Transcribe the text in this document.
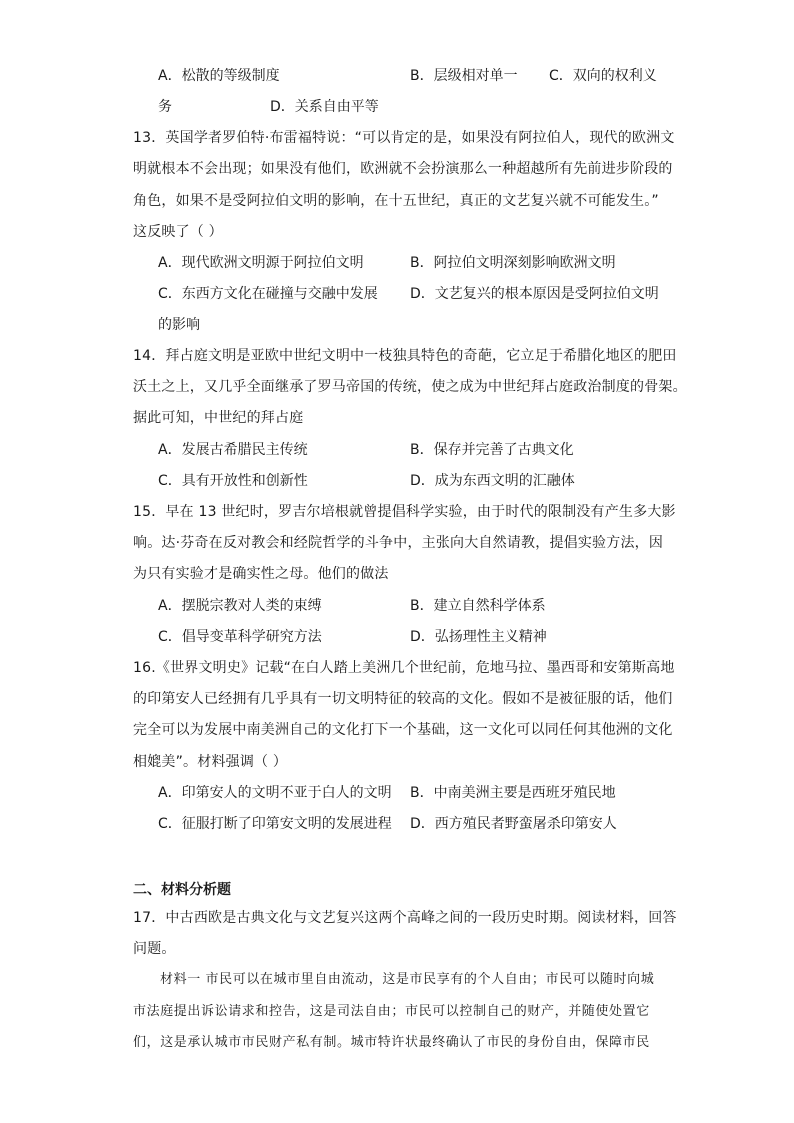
A．松散的等级制度	B．层级相对单一 C．双向的权利义
务	D．关系自由平等
13．英国学者罗伯特·布雷福特说：“可以肯定的是，如果没有阿拉伯人，现代的欧洲文
明就根本不会出现；如果没有他们，欧洲就不会扮演那么一种超越所有先前进步阶段的
角色，如果不是受阿拉伯文明的影响，在十五世纪，真正的文艺复兴就不可能发生。”
这反映了（ ）
A．现代欧洲文明源于阿拉伯文明	B．阿拉伯文明深刻影响欧洲文明
C．东西方文化在碰撞与交融中发展 D．文艺复兴的根本原因是受阿拉伯文明
的影响
14．拜占庭文明是亚欧中世纪文明中一枝独具特色的奇葩，它立足于希腊化地区的肥田
沃土之上，又几乎全面继承了罗马帝国的传统，使之成为中世纪拜占庭政治制度的骨架。
据此可知，中世纪的拜占庭
A．发展古希腊民主传统	B．保存并完善了古典文化
C．具有开放性和创新性	D．成为东西文明的汇融体
15．早在 13 世纪时，罗吉尔培根就曾提倡科学实验，由于时代的限制没有产生多大影
响。达·芬奇在反对教会和经院哲学的斗争中，主张向大自然请教，提倡实验方法，因
为只有实验才是确实性之母。他们的做法
A．摆脱宗教对人类的束缚	B．建立自然科学体系
C．倡导变革科学研究方法	D．弘扬理性主义精神
16.《世界文明史》记载“在白人踏上美洲几个世纪前，危地马拉、墨西哥和安第斯高地
的印第安人已经拥有几乎具有一切文明特征的较高的文化。假如不是被征服的话，他们
完全可以为发展中南美洲自己的文化打下一个基础，这一文化可以同任何其他洲的文化
相媲美”。材料强调（ ）
A．印第安人的文明不亚于白人的文明 B．中南美洲主要是西班牙殖民地
C．征服打断了印第安文明的发展进程 D．西方殖民者野蛮屠杀印第安人
二、材料分析题
17．中古西欧是古典文化与文艺复兴这两个高峰之间的一段历史时期。阅读材料，回答
问题。
材料一 市民可以在城市里自由流动，这是市民享有的个人自由；市民可以随时向城
市法庭提出诉讼请求和控告，这是司法自由；市民可以控制自己的财产，并随使处置它
们，这是承认城市市民财产私有制。城市特许状最终确认了市民的身份自由，保障市民
